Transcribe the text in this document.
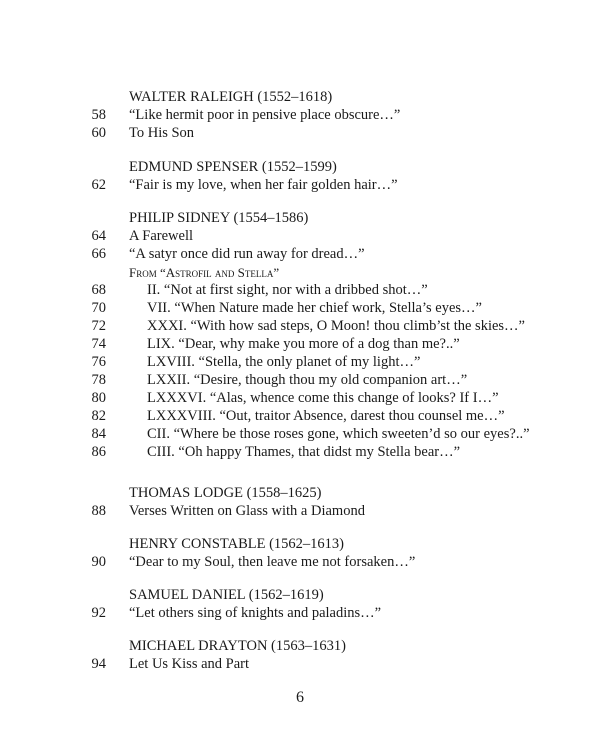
WALTER RALEIGH (1552–1618)
58 “Like hermit poor in pensive place obscure…”
60 To His Son
EDMUND SPENSER (1552–1599)
62 “Fair is my love, when her fair golden hair…”
PHILIP SIDNEY (1554–1586)
64 A Farewell
66 “A satyr once did run away for dread…”
From “Astrofil and Stella”
68	II. “Not at first sight, nor with a dribbed shot…”
70	VII. “When Nature made her chief work, Stella’s eyes…”
72	XXXI. “With how sad steps, O Moon! thou climb’st the skies…”
74	LIX. “Dear, why make you more of a dog than me?..”
76	LXVIII. “Stella, the only planet of my light…”
78	LXXII. “Desire, though thou my old companion art…”
80	LXXXVI. “Alas, whence come this change of looks? If I…”
82	LXXXVIII. “Out, traitor Absence, darest thou counsel me…”
84	CII. “Where be those roses gone, which sweeten’d so our eyes?..”
86	CIII. “Oh happy Thames, that didst my Stella bear…”
THOMAS LODGE (1558–1625)
88 Verses Written on Glass with a Diamond
HENRY CONSTABLE (1562–1613)
90 “Dear to my Soul, then leave me not forsaken…”
SAMUEL DANIEL (1562–1619)
92 “Let others sing of knights and paladins…”
MICHAEL DRAYTON (1563–1631)
94 Let Us Kiss and Part
6
